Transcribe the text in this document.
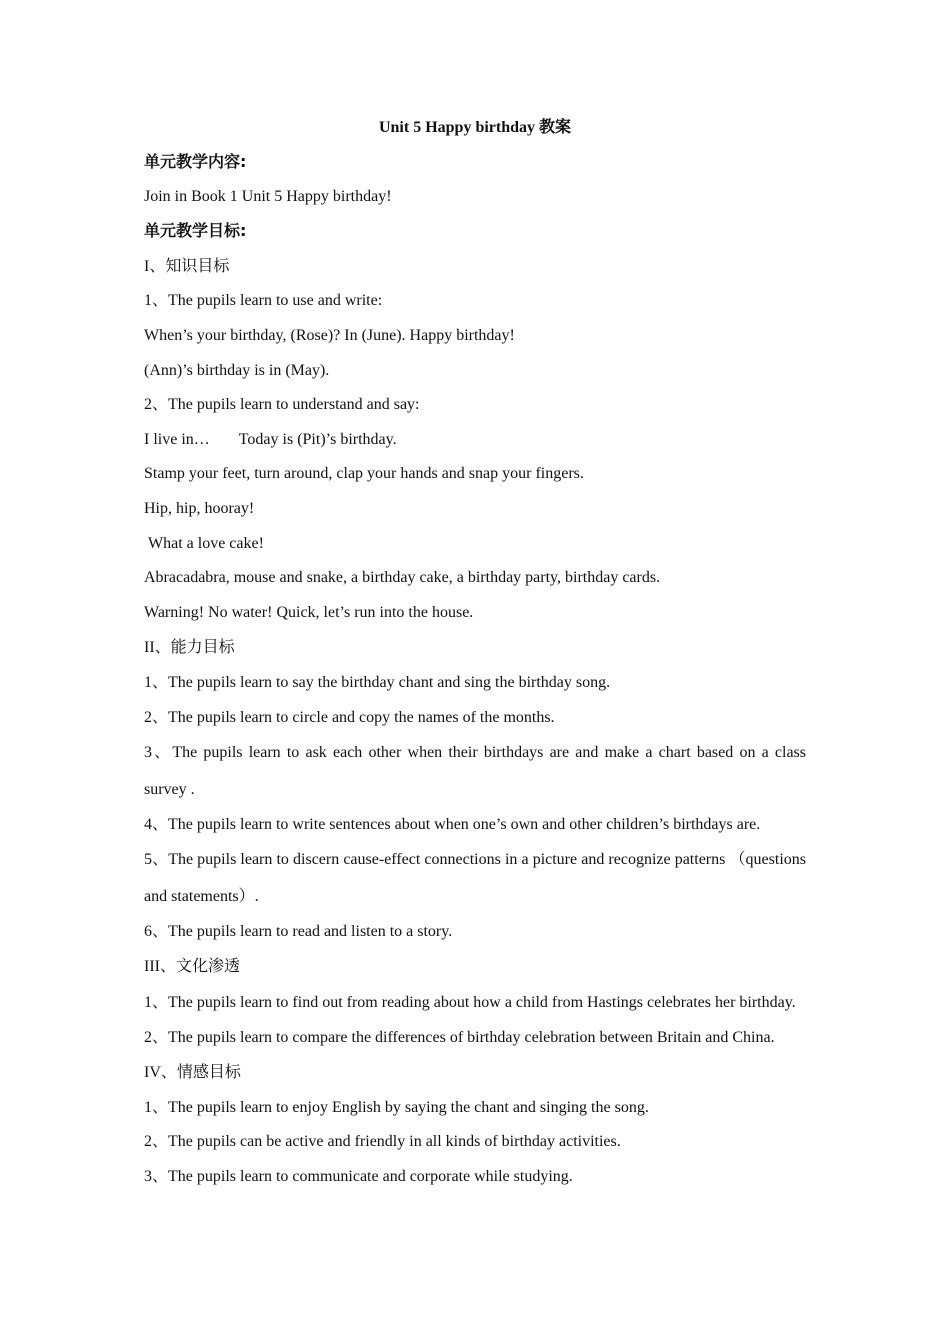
Unit 5 Happy birthday 教案
单元教学内容:
Join in Book 1 Unit 5 Happy birthday!
单元教学目标:
I、知识目标
1、The pupils learn to use and write:
When’s your birthday, (Rose)? In (June). Happy birthday!
(Ann)’s birthday is in (May).
2、The pupils learn to understand and say:
I live in… Today is (Pit)’s birthday.
Stamp your feet, turn around, clap your hands and snap your fingers.
Hip, hip, hooray!
What a love cake!
Abracadabra, mouse and snake, a birthday cake, a birthday party, birthday cards.
Warning! No water! Quick, let’s run into the house.
II、能力目标
1、The pupils learn to say the birthday chant and sing the birthday song.
2、The pupils learn to circle and copy the names of the months.
3、The pupils learn to ask each other when their birthdays are and make a chart based on a class survey .
4、The pupils learn to write sentences about when one’s own and other children’s birthdays are.
5、The pupils learn to discern cause-effect connections in a picture and recognize patterns （questions and statements）.
6、The pupils learn to read and listen to a story.
III、文化渗透
1、The pupils learn to find out from reading about how a child from Hastings celebrates her birthday.
2、The pupils learn to compare the differences of birthday celebration between Britain and China.
IV、情感目标
1、The pupils learn to enjoy English by saying the chant and singing the song.
2、The pupils can be active and friendly in all kinds of birthday activities.
3、The pupils learn to communicate and corporate while studying.
